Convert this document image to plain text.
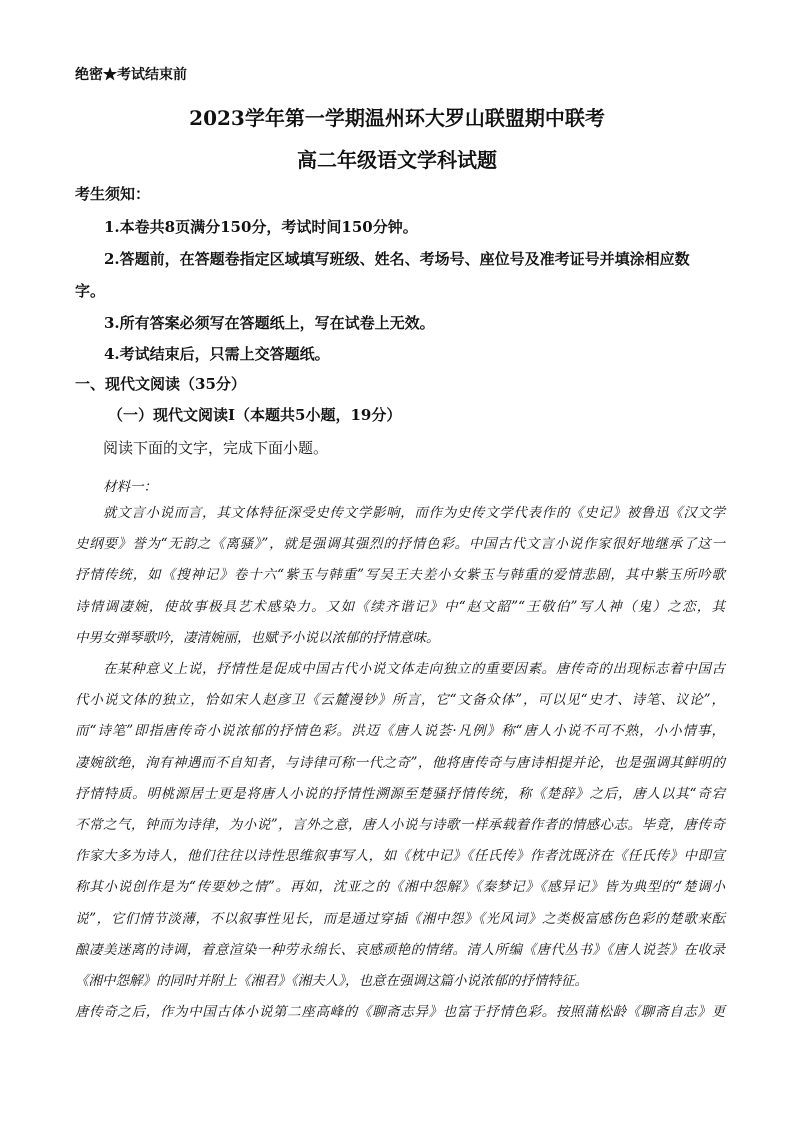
绝密★考试结束前
2023学年第一学期温州环大罗山联盟期中联考
高二年级语文学科试题
考生须知：
1.本卷共8页满分150分，考试时间150分钟。
2.答题前，在答题卷指定区域填写班级、姓名、考场号、座位号及准考证号并填涂相应数
字。
3.所有答案必须写在答题纸上，写在试卷上无效。
4.考试结束后，只需上交答题纸。
一、现代文阅读（35分）
（一）现代文阅读Ⅰ（本题共5小题，19分）
阅读下面的文字，完成下面小题。
材料一：
就文言小说而言，其文体特征深受史传文学影响，而作为史传文学代表作的《史记》被鲁迅《汉文学
史纲要》誉为“无韵之《离骚》”，就是强调其强烈的抒情色彩。中国古代文言小说作家很好地继承了这一
抒情传统，如《搜神记》卷十六“紫玉与韩重”写吴王夫差小女紫玉与韩重的爱情悲剧，其中紫玉所吟歌
诗情调凄婉，使故事极具艺术感染力。又如《续齐谐记》中“赵文韶”“王敬伯”写人神（鬼）之恋，其
中男女弹琴歌吟，凄清婉丽，也赋予小说以浓郁的抒情意味。
在某种意义上说，抒情性是促成中国古代小说文体走向独立的重要因素。唐传奇的出现标志着中国古
代小说文体的独立，恰如宋人赵彦卫《云麓漫钞》所言，它“文备众体”，可以见“史才、诗笔、议论”，
而“诗笔”即指唐传奇小说浓郁的抒情色彩。洪迈《唐人说荟·凡例》称“唐人小说不可不熟，小小情事，
凄婉欲绝，洵有神遇而不自知者，与诗律可称一代之奇”，他将唐传奇与唐诗相提并论，也是强调其鲜明的
抒情特质。明桃源居士更是将唐人小说的抒情性溯源至楚骚抒情传统，称《楚辞》之后，唐人以其“奇宕
不常之气，钟而为诗律，为小说”，言外之意，唐人小说与诗歌一样承载着作者的情感心志。毕竟，唐传奇
作家大多为诗人，他们往往以诗性思维叙事写人，如《枕中记》《任氏传》作者沈既济在《任氏传》中即宣
称其小说创作是为“传要妙之情”。再如，沈亚之的《湘中怨解》《秦梦记》《感异记》皆为典型的“楚调小
说”，它们情节淡薄，不以叙事性见长，而是通过穿插《湘中怨》《光风词》之类极富感伤色彩的楚歌来酝
酿凄美迷离的诗调，着意渲染一种劳永绵长、哀感顽艳的情绪。清人所编《唐代丛书》《唐人说荟》在收录
《湘中怨解》的同时并附上《湘君》《湘夫人》，也意在强调这篇小说浓郁的抒情特征。
唐传奇之后，作为中国古体小说第二座高峰的《聊斋志异》也富于抒情色彩。按照蒲松龄《聊斋自志》更
